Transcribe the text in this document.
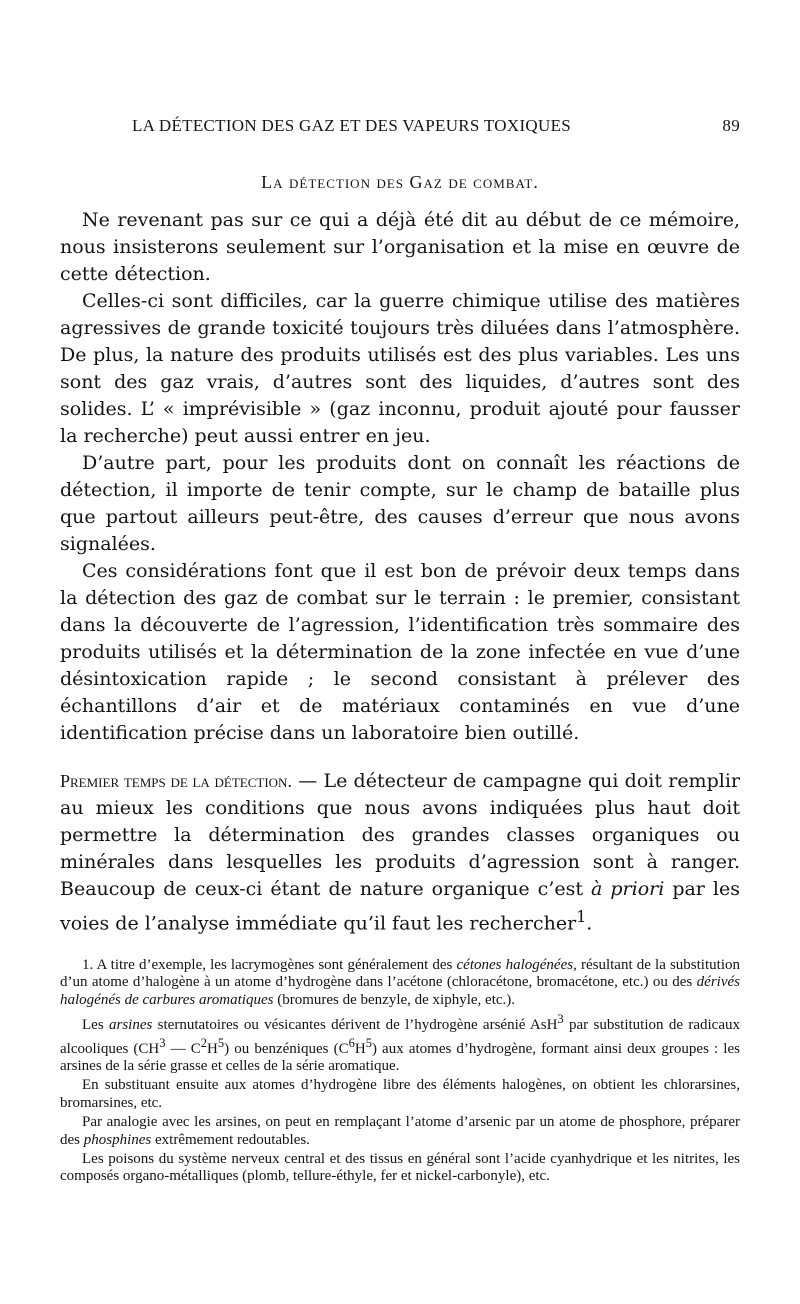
LA DÉTECTION DES GAZ ET DES VAPEURS TOXIQUES	89
La détection des Gaz de combat.

Ne revenant pas sur ce qui a déjà été dit au début de ce mémoire, nous insisterons seulement sur l’organisation et la mise en œuvre de cette détection.

Celles-ci sont difficiles, car la guerre chimique utilise des matières agressives de grande toxicité toujours très diluées dans l’atmosphère. De plus, la nature des produits utilisés est des plus variables. Les uns sont des gaz vrais, d’autres sont des liquides, d’autres sont des solides. L’ « imprévisible » (gaz inconnu, produit ajouté pour fausser la recherche) peut aussi entrer en jeu.

D’autre part, pour les produits dont on connaît les réactions de détection, il importe de tenir compte, sur le champ de bataille plus que partout ailleurs peut-être, des causes d’erreur que nous avons signalées.

Ces considérations font que il est bon de prévoir deux temps dans la détection des gaz de combat sur le terrain : le premier, consistant dans la découverte de l’agression, l’identification très sommaire des produits utilisés et la détermination de la zone infectée en vue d’une désintoxication rapide ; le second consistant à prélever des échantillons d’air et de matériaux contaminés en vue d’une identification précise dans un laboratoire bien outillé.

Premier temps de la détection. — Le détecteur de campagne qui doit remplir au mieux les conditions que nous avons indiquées plus haut doit permettre la détermination des grandes classes organiques ou minérales dans lesquelles les produits d’agression sont à ranger. Beaucoup de ceux-ci étant de nature organique c’est à priori par les voies de l’analyse immédiate qu’il faut les rechercher$^1$.

1. A titre d’exemple, les lacrymogènes sont généralement des cétones halogénées, résultant de la substitution d’un atome d’halogène à un atome d’hydrogène dans l’acétone (chloracétone, bromacétone, etc.) ou des dérivés halogénés de carbures aromatiques (bromures de benzyle, de xiphyle, etc.).

Les arsines sternutatoires ou vésicantes dérivent de l’hydrogène arsénié AsH$^3$ par substitution de radicaux alcooliques ($CH^3$ — $C^2H^5$) ou benzéniques $(C^6H^5)$ aux atomes d’hydrogène, formant ainsi deux groupes : les arsines de la série grasse et celles de la série aromatique.

En substituant ensuite aux atomes d’hydrogène libre des éléments halogènes, on obtient les chlorarsines, bromarsines, etc.

Par analogie avec les arsines, on peut en remplaçant l’atome d’arsenic par un atome de phosphore, préparer des phosphines extrêmement redoutables.

Les poisons du système nerveux central et des tissus en général sont l’acide cyanhydrique et les nitrites, les composés organo-métalliques (plomb, tellure-éthyle, fer et nickel-carbonyle), etc.
